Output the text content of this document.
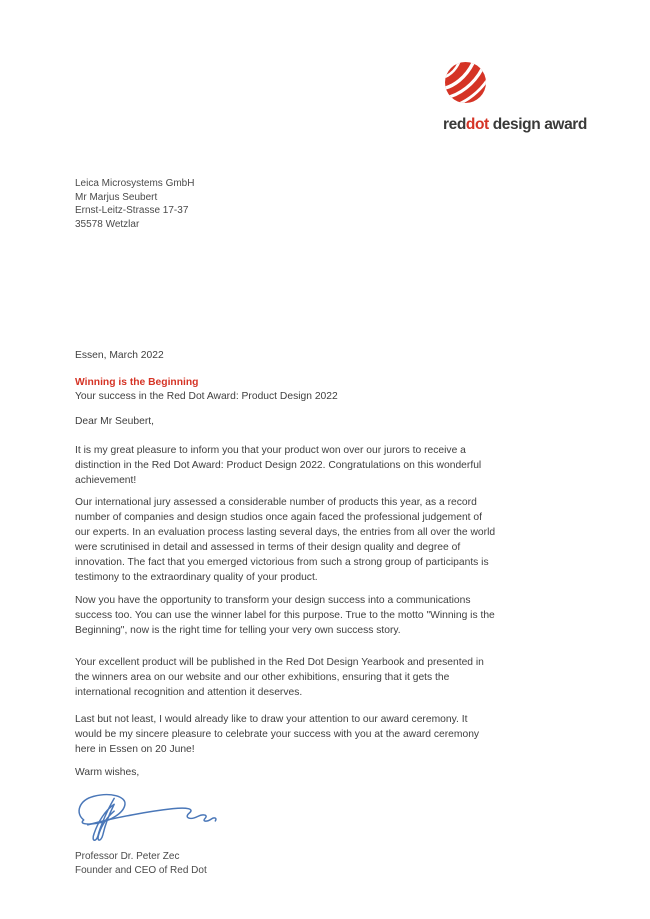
reddot design award
Leica Microsystems GmbH
Mr Marjus Seubert
Ernst-Leitz-Strasse 17-37
35578 Wetzlar
Essen, March 2022
Winning is the Beginning
Your success in the Red Dot Award: Product Design 2022
Dear Mr Seubert,
It is my great pleasure to inform you that your product won over our jurors to receive a distinction in the Red Dot Award: Product Design 2022. Congratulations on this wonderful achievement!
Our international jury assessed a considerable number of products this year, as a record number of companies and design studios once again faced the professional judgement of our experts. In an evaluation process lasting several days, the entries from all over the world were scrutinised in detail and assessed in terms of their design quality and degree of innovation. The fact that you emerged victorious from such a strong group of participants is testimony to the extraordinary quality of your product.
Now you have the opportunity to transform your design success into a communications success too. You can use the winner label for this purpose. True to the motto "Winning is the Beginning", now is the right time for telling your very own success story.
Your excellent product will be published in the Red Dot Design Yearbook and presented in the winners area on our website and our other exhibitions, ensuring that it gets the international recognition and attention it deserves.
Last but not least, I would already like to draw your attention to our award ceremony. It would be my sincere pleasure to celebrate your success with you at the award ceremony here in Essen on 20 June!
Warm wishes,
Professor Dr. Peter Zec
Founder and CEO of Red Dot
